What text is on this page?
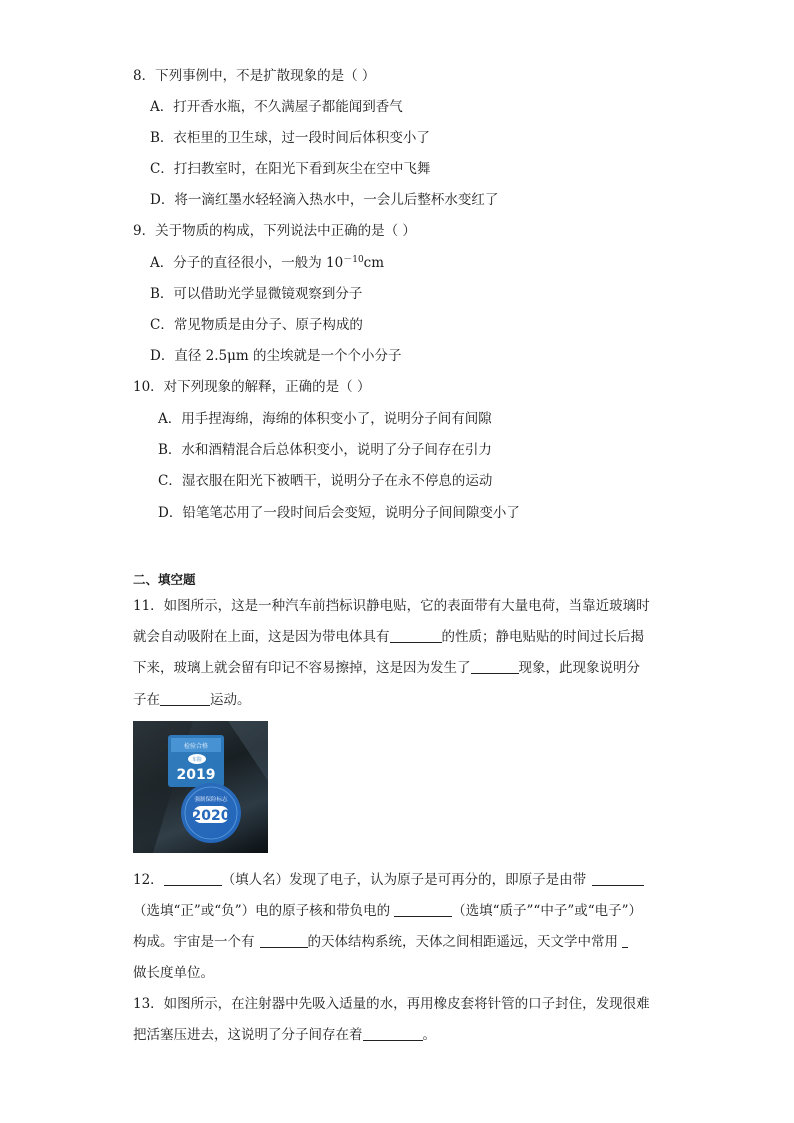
8．下列事例中，不是扩散现象的是（ ）
A．打开香水瓶，不久满屋子都能闻到香气
B．衣柜里的卫生球，过一段时间后体积变小了
C．打扫教室时，在阳光下看到灰尘在空中飞舞
D．将一滴红墨水轻轻滴入热水中，一会儿后整杯水变红了
9．关于物质的构成，下列说法中正确的是（ ）
A．分子的直径很小，一般为 $10^{-10}cm$
B．可以借助光学显微镜观察到分子
C．常见物质是由分子、原子构成的
D．直径 2.5μm 的尘埃就是一个个小分子
10．对下列现象的解释，正确的是（ ）
A．用手捏海绵，海绵的体积变小了，说明分子间有间隙
B．水和酒精混合后总体积变小，说明了分子间存在引力
C．湿衣服在阳光下被晒干，说明分子在永不停息的运动
D．铅笔笔芯用了一段时间后会变短，说明分子间间隙变小了
二、填空题
11．如图所示，这是一种汽车前挡标识静电贴，它的表面带有大量电荷，当靠近玻璃时
就会自动吸附在上面，这是因为带电体具有	的性质；静电贴贴的时间过长后揭
下来，玻璃上就会留有印记不容易擦掉，这是因为发生了	现象，此现象说明分
子在	运动。
12．	（填人名）发现了电子，认为原子是可再分的，即原子是由带
（选填“正”或“负”）电的原子核和带负电的	（选填“质子”“中子”或“电子”）
构成。宇宙是一个有	的天体结构系统，天体之间相距遥远，天文学中常用
做长度单位。
13．如图所示，在注射器中先吸入适量的水，再用橡皮套将针管的口子封住，发现很难
把活塞压进去，这说明了分子间存在着	。
